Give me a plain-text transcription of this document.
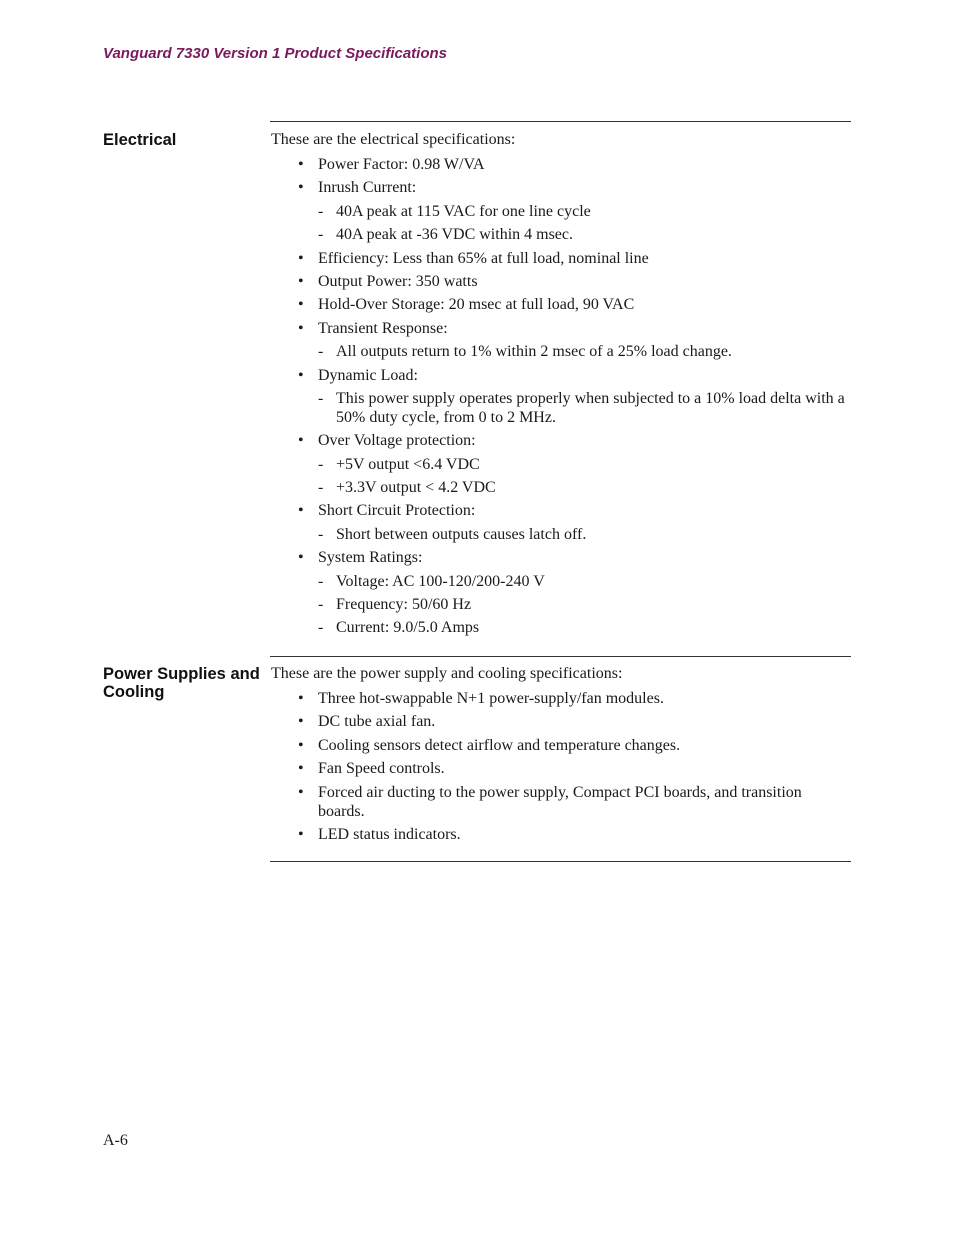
Vanguard 7330 Version 1 Product Specifications
Electrical	These are the electrical specifications:

• Power Factor: 0.98 W/VA
• Inrush Current:
- 40A peak at 115 VAC for one line cycle
- 40A peak at -36 VDC within 4 msec.
• Efficiency: Less than 65% at full load, nominal line
• Output Power: 350 watts
• Hold-Over Storage: 20 msec at full load, 90 VAC
• Transient Response:
- All outputs return to 1% within 2 msec of a 25% load change.
• Dynamic Load:
- This power supply operates properly when subjected to a 10% load delta with a 50% duty cycle, from 0 to 2 MHz.
• Over Voltage protection:
- +5V output <6.4 VDC
- +3.3V output < 4.2 VDC
• Short Circuit Protection:
- Short between outputs causes latch off.
• System Ratings:
- Voltage: AC 100-120/200-240 V
- Frequency: 50/60 Hz
- Current: 9.0/5.0 Amps
Power Supplies and Cooling

These are the power supply and cooling specifications:

• Three hot-swappable N+1 power-supply/fan modules.
• DC tube axial fan.
• Cooling sensors detect airflow and temperature changes.
• Fan Speed controls.
• Forced air ducting to the power supply, Compact PCI boards, and transition boards.
• LED status indicators.
A-6
